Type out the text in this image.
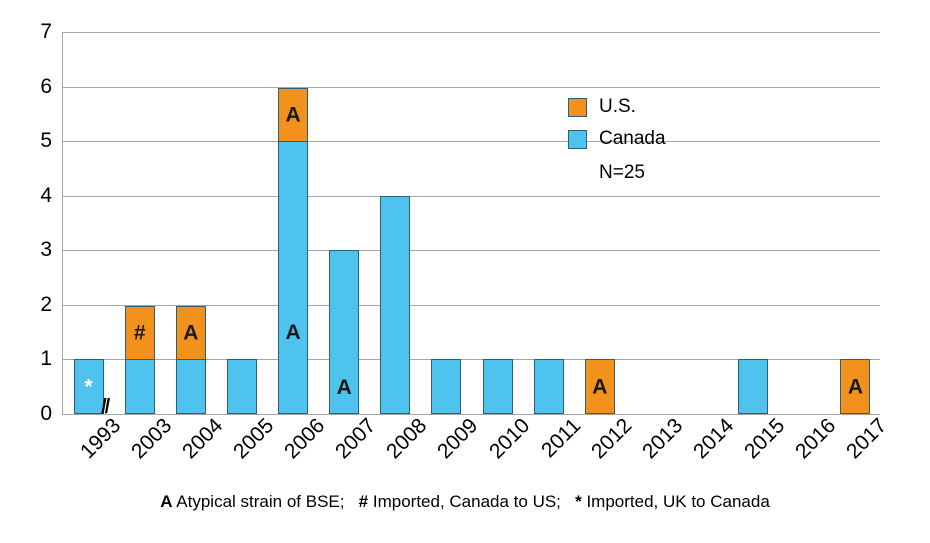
0
1
2
3
4
5
6
7
*
#	A
A
A
A	A	A
//
1993 2003 2004 2005 2006 2007 2008 2009 2010 2011 2012 2013 2014 2015 2016 2017
U.S.
Canada
N=25
A Atypical strain of BSE; # Imported, Canada to US; * Imported, UK to Canada
